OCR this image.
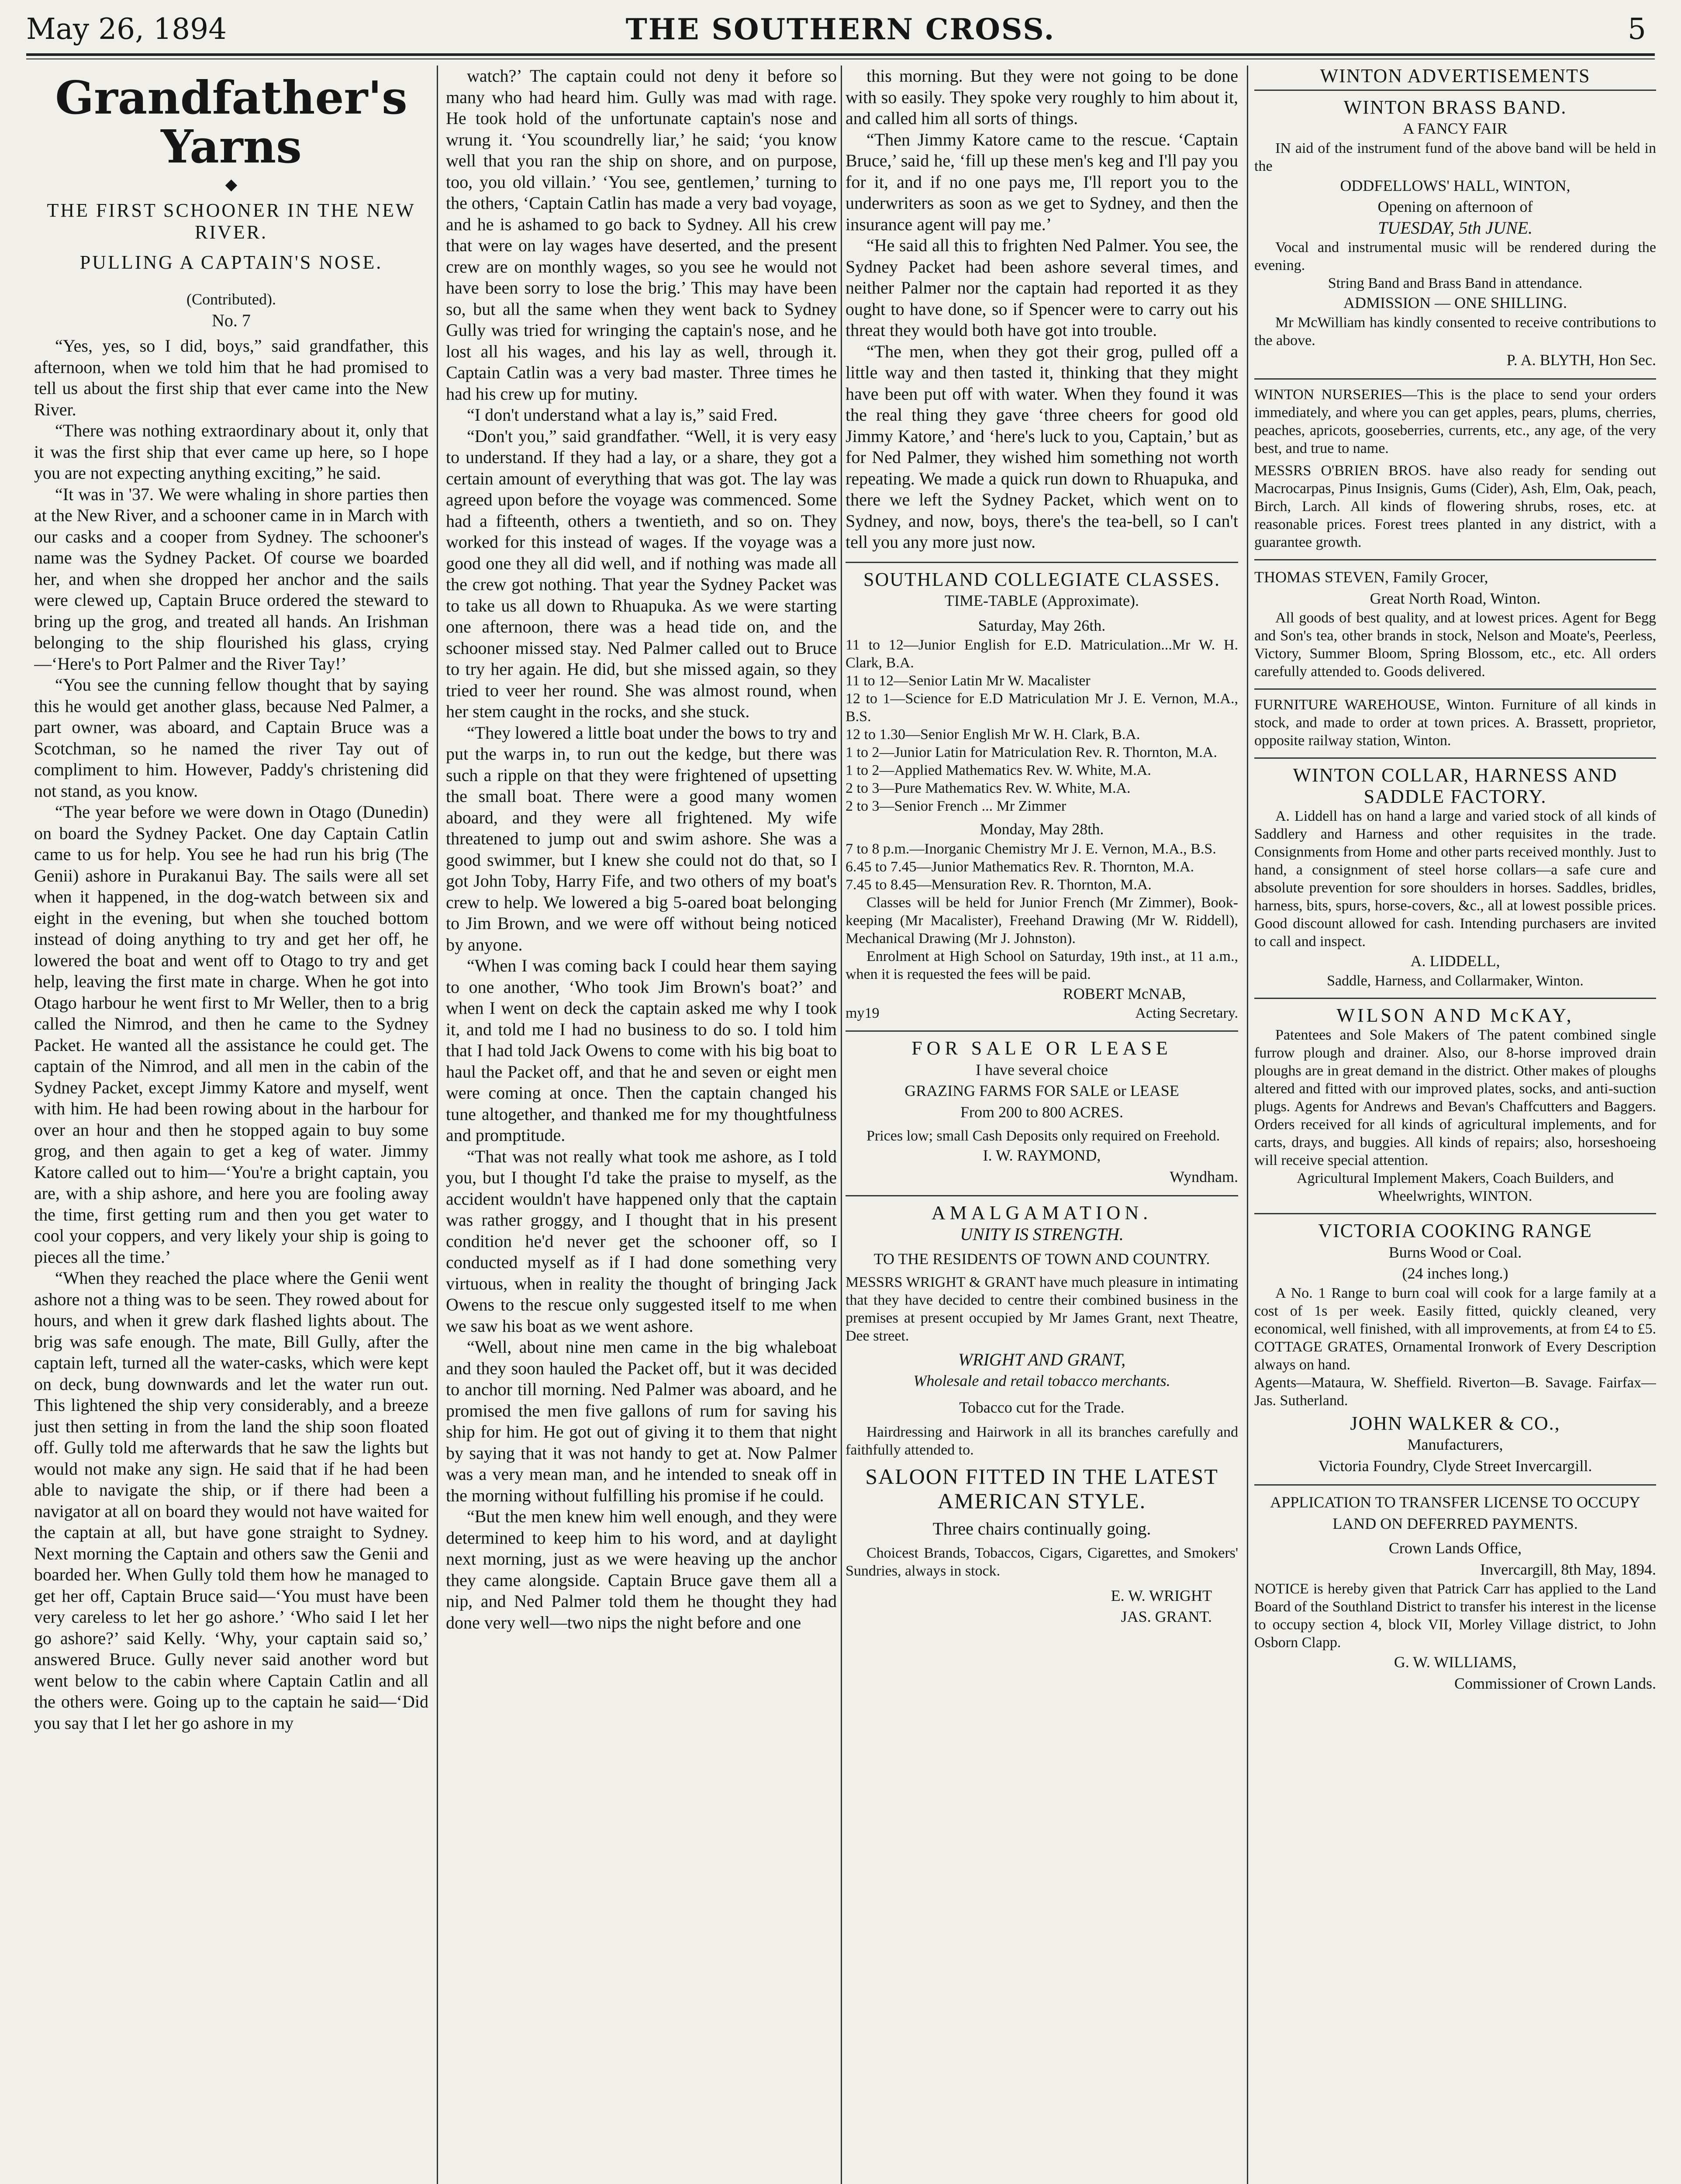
May 26, 1894	THE SOUTHERN CROSS.	5
Grandfather's Yarns
◆
THE FIRST SCHOONER IN THE NEW RIVER.
PULLING A CAPTAIN'S NOSE.
(Contributed).
No. 7

“Yes, yes, so I did, boys,” said grandfather, this afternoon, when we told him that he had promised to tell us about the first ship that ever came into the New River.

“There was nothing extraordinary about it, only that it was the first ship that ever came up here, so I hope you are not expecting anything exciting,” he said.

“It was in '37. We were whaling in shore parties then at the New River, and a schooner came in in March with our casks and a cooper from Sydney. The schooner's name was the Sydney Packet. Of course we boarded her, and when she dropped her anchor and the sails were clewed up, Captain Bruce ordered the steward to bring up the grog, and treated all hands. An Irishman belonging to the ship flourished his glass, crying—‘Here's to Port Palmer and the River Tay!’

“You see the cunning fellow thought that by saying this he would get another glass, because Ned Palmer, a part owner, was aboard, and Captain Bruce was a Scotchman, so he named the river Tay out of compliment to him. However, Paddy's christening did not stand, as you know.

“The year before we were down in Otago (Dunedin) on board the Sydney Packet. One day Captain Catlin came to us for help. You see he had run his brig (The Genii) ashore in Purakanui Bay. The sails were all set when it happened, in the dog-watch between six and eight in the evening, but when she touched bottom instead of doing anything to try and get her off, he lowered the boat and went off to Otago to try and get help, leaving the first mate in charge. When he got into Otago harbour he went first to Mr Weller, then to a brig called the Nimrod, and then he came to the Sydney Packet. He wanted all the assistance he could get. The captain of the Nimrod, and all men in the cabin of the Sydney Packet, except Jimmy Katore and myself, went with him. He had been rowing about in the harbour for over an hour and then he stopped again to buy some grog, and then again to get a keg of water. Jimmy Katore called out to him—‘You're a bright captain, you are, with a ship ashore, and here you are fooling away the time, first getting rum and then you get water to cool your coppers, and very likely your ship is going to pieces all the time.’

“When they reached the place where the Genii went ashore not a thing was to be seen. They rowed about for hours, and when it grew dark flashed lights about. The brig was safe enough. The mate, Bill Gully, after the captain left, turned all the water-casks, which were kept on deck, bung downwards and let the water run out. This lightened the ship very considerably, and a breeze just then setting in from the land the ship soon floated off. Gully told me afterwards that he saw the lights but would not make any sign. He said that if he had been able to navigate the ship, or if there had been a navigator at all on board they would not have waited for the captain at all, but have gone straight to Sydney. Next morning the Captain and others saw the Genii and boarded her. When Gully told them how he managed to get her off, Captain Bruce said—‘You must have been very careless to let her go ashore.’ ‘Who said I let her go ashore?’ said Kelly. ‘Why, your captain said so,’ answered Bruce. Gully never said another word but went below to the cabin where Captain Catlin and all the others were. Going up to the captain he said—‘Did you say that I let her go ashore in my

watch?’ The captain could not deny it before so many who had heard him. Gully was mad with rage. He took hold of the unfortunate captain's nose and wrung it. ‘You scoundrelly liar,’ he said; ‘you know well that you ran the ship on shore, and on purpose, too, you old villain.’ ‘You see, gentlemen,’ turning to the others, ‘Captain Catlin has made a very bad voyage, and he is ashamed to go back to Sydney. All his crew that were on lay wages have deserted, and the present crew are on monthly wages, so you see he would not have been sorry to lose the brig.’ This may have been so, but all the same when they went back to Sydney Gully was tried for wringing the captain's nose, and he lost all his wages, and his lay as well, through it. Captain Catlin was a very bad master. Three times he had his crew up for mutiny.

“I don't understand what a lay is,” said Fred.

“Don't you,” said grandfather. “Well, it is very easy to understand. If they had a lay, or a share, they got a certain amount of everything that was got. The lay was agreed upon before the voyage was commenced. Some had a fifteenth, others a twentieth, and so on. They worked for this instead of wages. If the voyage was a good one they all did well, and if nothing was made all the crew got nothing. That year the Sydney Packet was to take us all down to Rhuapuka. As we were starting one afternoon, there was a head tide on, and the schooner missed stay. Ned Palmer called out to Bruce to try her again. He did, but she missed again, so they tried to veer her round. She was almost round, when her stem caught in the rocks, and she stuck.

“They lowered a little boat under the bows to try and put the warps in, to run out the kedge, but there was such a ripple on that they were frightened of upsetting the small boat. There were a good many women aboard, and they were all frightened. My wife threatened to jump out and swim ashore. She was a good swimmer, but I knew she could not do that, so I got John Toby, Harry Fife, and two others of my boat's crew to help. We lowered a big 5-oared boat belonging to Jim Brown, and we were off without being noticed by anyone.

“When I was coming back I could hear them saying to one another, ‘Who took Jim Brown's boat?’ and when I went on deck the captain asked me why I took it, and told me I had no business to do so. I told him that I had told Jack Owens to come with his big boat to haul the Packet off, and that he and seven or eight men were coming at once. Then the captain changed his tune altogether, and thanked me for my thoughtfulness and promptitude.

“That was not really what took me ashore, as I told you, but I thought I'd take the praise to myself, as the accident wouldn't have happened only that the captain was rather groggy, and I thought that in his present condition he'd never get the schooner off, so I conducted myself as if I had done something very virtuous, when in reality the thought of bringing Jack Owens to the rescue only suggested itself to me when we saw his boat as we went ashore.

“Well, about nine men came in the big whaleboat and they soon hauled the Packet off, but it was decided to anchor till morning. Ned Palmer was aboard, and he promised the men five gallons of rum for saving his ship for him. He got out of giving it to them that night by saying that it was not handy to get at. Now Palmer was a very mean man, and he intended to sneak off in the morning without fulfilling his promise if he could.

“But the men knew him well enough, and they were determined to keep him to his word, and at daylight next morning, just as we were heaving up the anchor they came alongside. Captain Bruce gave them all a nip, and Ned Palmer told them he thought they had done very well—two nips the night before and one

this morning. But they were not going to be done with so easily. They spoke very roughly to him about it, and called him all sorts of things.

“Then Jimmy Katore came to the rescue. ‘Captain Bruce,’ said he, ‘fill up these men's keg and I'll pay you for it, and if no one pays me, I'll report you to the underwriters as soon as we get to Sydney, and then the insurance agent will pay me.’

“He said all this to frighten Ned Palmer. You see, the Sydney Packet had been ashore several times, and neither Palmer nor the captain had reported it as they ought to have done, so if Spencer were to carry out his threat they would both have got into trouble.

“The men, when they got their grog, pulled off a little way and then tasted it, thinking that they might have been put off with water. When they found it was the real thing they gave ‘three cheers for good old Jimmy Katore,’ and ‘here's luck to you, Captain,’ but as for Ned Palmer, they wished him something not worth repeating. We made a quick run down to Rhuapuka, and there we left the Sydney Packet, which went on to Sydney, and now, boys, there's the tea-bell, so I can't tell you any more just now.

SOUTHLAND COLLEGIATE CLASSES.
TIME-TABLE (Approximate).
Saturday, May 26th.
11 to 12—Junior English for E.D. Matriculation...Mr W. H. Clark, B.A.
11 to 12—Senior Latin Mr W. Macalister
12 to 1—Science for E.D Matriculation Mr J. E. Vernon, M.A., B.S.
12 to 1.30—Senior English Mr W. H. Clark, B.A.
1 to 2—Junior Latin for Matriculation Rev. R. Thornton, M.A.
1 to 2—Applied Mathematics Rev. W. White, M.A.
2 to 3—Pure Mathematics Rev. W. White, M.A.
2 to 3—Senior French ... Mr Zimmer
Monday, May 28th.
7 to 8 p.m.—Inorganic Chemistry Mr J. E. Vernon, M.A., B.S.
6.45 to 7.45—Junior Mathematics Rev. R. Thornton, M.A.
7.45 to 8.45—Mensuration Rev. R. Thornton, M.A.

Classes will be held for Junior French (Mr Zimmer), Book-keeping (Mr Macalister), Freehand Drawing (Mr W. Riddell), Mechanical Drawing (Mr J. Johnston).

Enrolment at High School on Saturday, 19th inst., at 11 a.m., when it is requested the fees will be paid.

ROBERT McNAB,
my19	Acting Secretary.
FOR SALE OR LEASE
I have several choice
GRAZING FARMS FOR SALE or LEASE
From 200 to 800 ACRES.

Prices low; small Cash Deposits only required on Freehold.

I. W. RAYMOND,
Wyndham.
AMALGAMATION.
UNITY IS STRENGTH.
TO THE RESIDENTS OF TOWN AND COUNTRY.

MESSRS WRIGHT & GRANT have much pleasure in intimating that they have decided to centre their combined business in the premises at present occupied by Mr James Grant, next Theatre, Dee street.

WRIGHT AND GRANT,
Wholesale and retail tobacco merchants.
Tobacco cut for the Trade.

Hairdressing and Hairwork in all its branches carefully and faithfully attended to.

SALOON FITTED IN THE LATEST AMERICAN STYLE.
Three chairs continually going.

Choicest Brands, Tobaccos, Cigars, Cigarettes, and Smokers' Sundries, always in stock.

E. W. WRIGHT
JAS. GRANT.
WINTON ADVERTISEMENTS
WINTON BRASS BAND.
A FANCY FAIR

IN aid of the instrument fund of the above band will be held in the

ODDFELLOWS' HALL, WINTON,
Opening on afternoon of
TUESDAY, 5th JUNE.

Vocal and instrumental music will be rendered during the evening.

String Band and Brass Band in attendance.
ADMISSION — ONE SHILLING.

Mr McWilliam has kindly consented to receive contributions to the above.

P. A. BLYTH, Hon Sec.

WINTON NURSERIES—This is the place to send your orders immediately, and where you can get apples, pears, plums, cherries, peaches, apricots, gooseberries, currents, etc., any age, of the very best, and true to name.

MESSRS O'BRIEN BROS. have also ready for sending out Macrocarpas, Pinus Insignis, Gums (Cider), Ash, Elm, Oak, peach, Birch, Larch. All kinds of flowering shrubs, roses, etc. at reasonable prices. Forest trees planted in any district, with a guarantee growth.

THOMAS STEVEN, Family Grocer,
Great North Road, Winton.

All goods of best quality, and at lowest prices. Agent for Begg and Son's tea, other brands in stock, Nelson and Moate's, Peerless, Victory, Summer Bloom, Spring Blossom, etc., etc. All orders carefully attended to. Goods delivered.

FURNITURE WAREHOUSE, Winton. Furniture of all kinds in stock, and made to order at town prices. A. Brassett, proprietor, opposite railway station, Winton.

WINTON COLLAR, HARNESS AND SADDLE FACTORY.

A. Liddell has on hand a large and varied stock of all kinds of Saddlery and Harness and other requisites in the trade. Consignments from Home and other parts received monthly. Just to hand, a consignment of steel horse collars—a safe cure and absolute prevention for sore shoulders in horses. Saddles, bridles, harness, bits, spurs, horse-covers, &c., all at lowest possible prices. Good discount allowed for cash. Intending purchasers are invited to call and inspect.

A. LIDDELL,
Saddle, Harness, and Collarmaker, Winton.
WILSON AND McKAY,

Patentees and Sole Makers of The patent combined single furrow plough and drainer. Also, our 8-horse improved drain ploughs are in great demand in the district. Other makes of ploughs altered and fitted with our improved plates, socks, and anti-suction plugs. Agents for Andrews and Bevan's Chaffcutters and Baggers. Orders received for all kinds of agricultural implements, and for carts, drays, and buggies. All kinds of repairs; also, horseshoeing will receive special attention.

Agricultural Implement Makers, Coach Builders, and Wheelwrights, WINTON.
VICTORIA COOKING RANGE
Burns Wood or Coal.
(24 inches long.)

A No. 1 Range to burn coal will cook for a large family at a cost of 1s per week. Easily fitted, quickly cleaned, very economical, well finished, with all improvements, at from £4 to £5. COTTAGE GRATES, Ornamental Ironwork of Every Description always on hand.

Agents—Mataura, W. Sheffield. Riverton—B. Savage. Fairfax—Jas. Sutherland.

JOHN WALKER & CO.,
Manufacturers,
Victoria Foundry, Clyde Street Invercargill.
APPLICATION TO TRANSFER LICENSE TO OCCUPY LAND ON DEFERRED PAYMENTS.
Crown Lands Office,
Invercargill, 8th May, 1894.

NOTICE is hereby given that Patrick Carr has applied to the Land Board of the Southland District to transfer his interest in the license to occupy section 4, block VII, Morley Village district, to John Osborn Clapp.

G. W. WILLIAMS,
Commissioner of Crown Lands.
